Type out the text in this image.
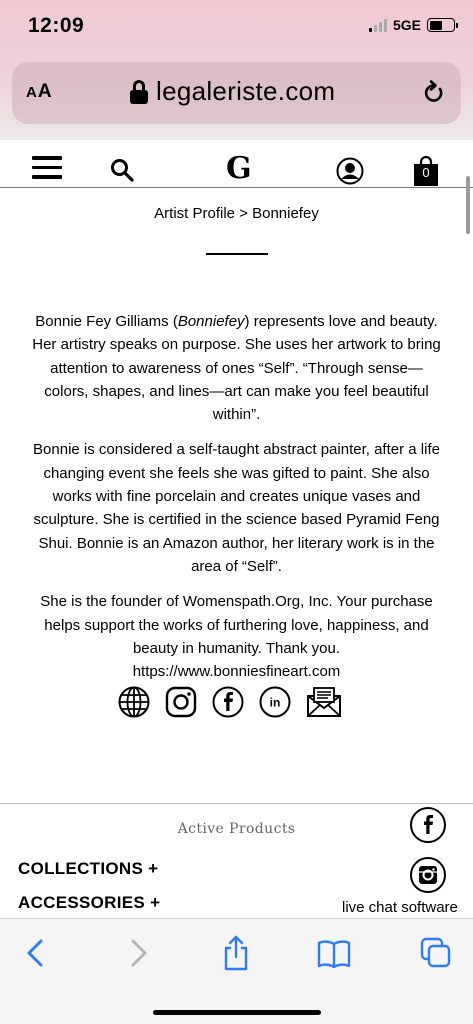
12:09	5GE
AA	legaleriste.com
G	0
Artist Profile > Bonniefey

Bonnie Fey Gilliams (Bonniefey) represents love and beauty. Her artistry speaks on purpose. She uses her artwork to bring attention to awareness of ones “Self”. “Through sense—colors, shapes, and lines—art can make you feel beautiful within”.

Bonnie is considered a self-taught abstract painter, after a life changing event she feels she was gifted to paint. She also works with fine porcelain and creates unique vases and sculpture. She is certified in the science based Pyramid Feng Shui. Bonnie is an Amazon author, her literary work is in the area of “Self”.

She is the founder of Womenspath.Org, Inc. Your purchase helps support the works of furthering love, happiness, and beauty in humanity. Thank you.
https://www.bonniesfineart.com

in
Active Products
COLLECTIONS +
ACCESSORIES +	live chat software
